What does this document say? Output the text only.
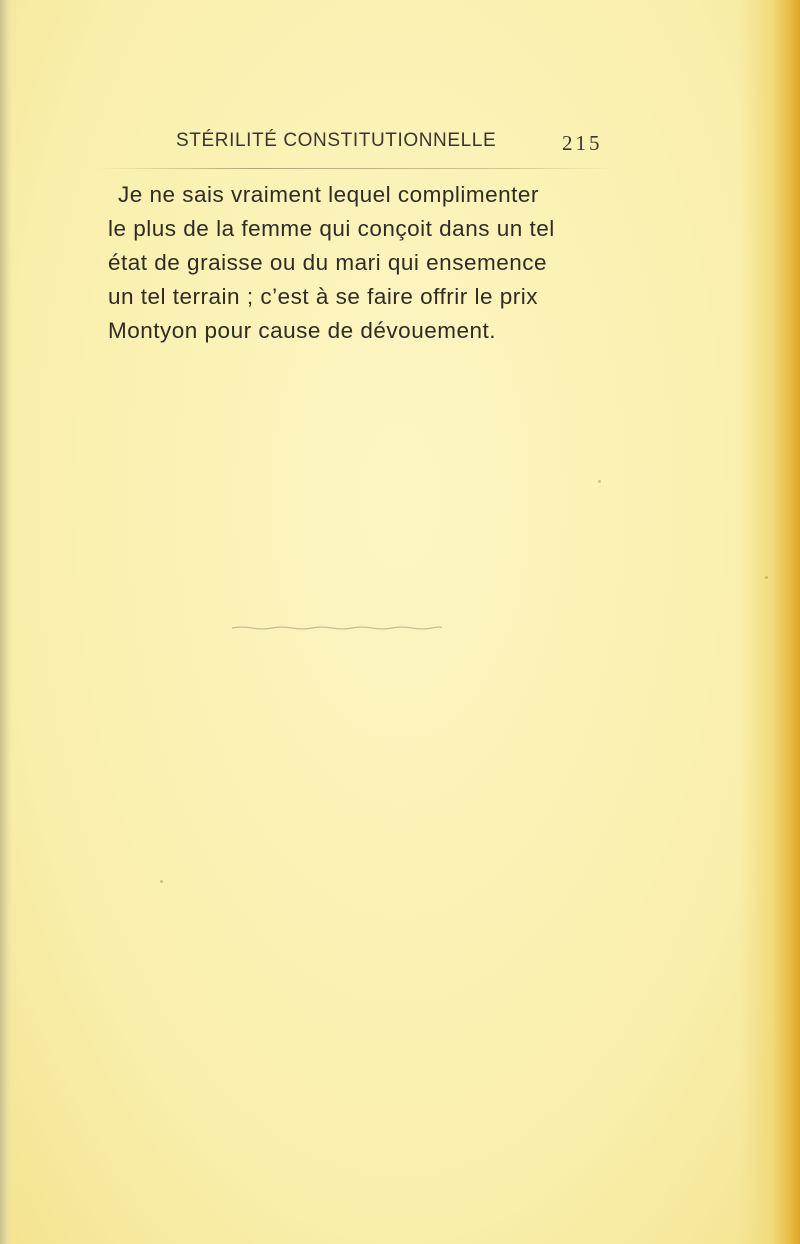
STÉRILITÉ CONSTITUTIONNELLE	215
Je ne sais vraiment lequel complimenter
le plus de la femme qui conçoit dans un tel
état de graisse ou du mari qui ensemence
un tel terrain ; c’est à se faire offrir le prix
Montyon pour cause de dévouement.
